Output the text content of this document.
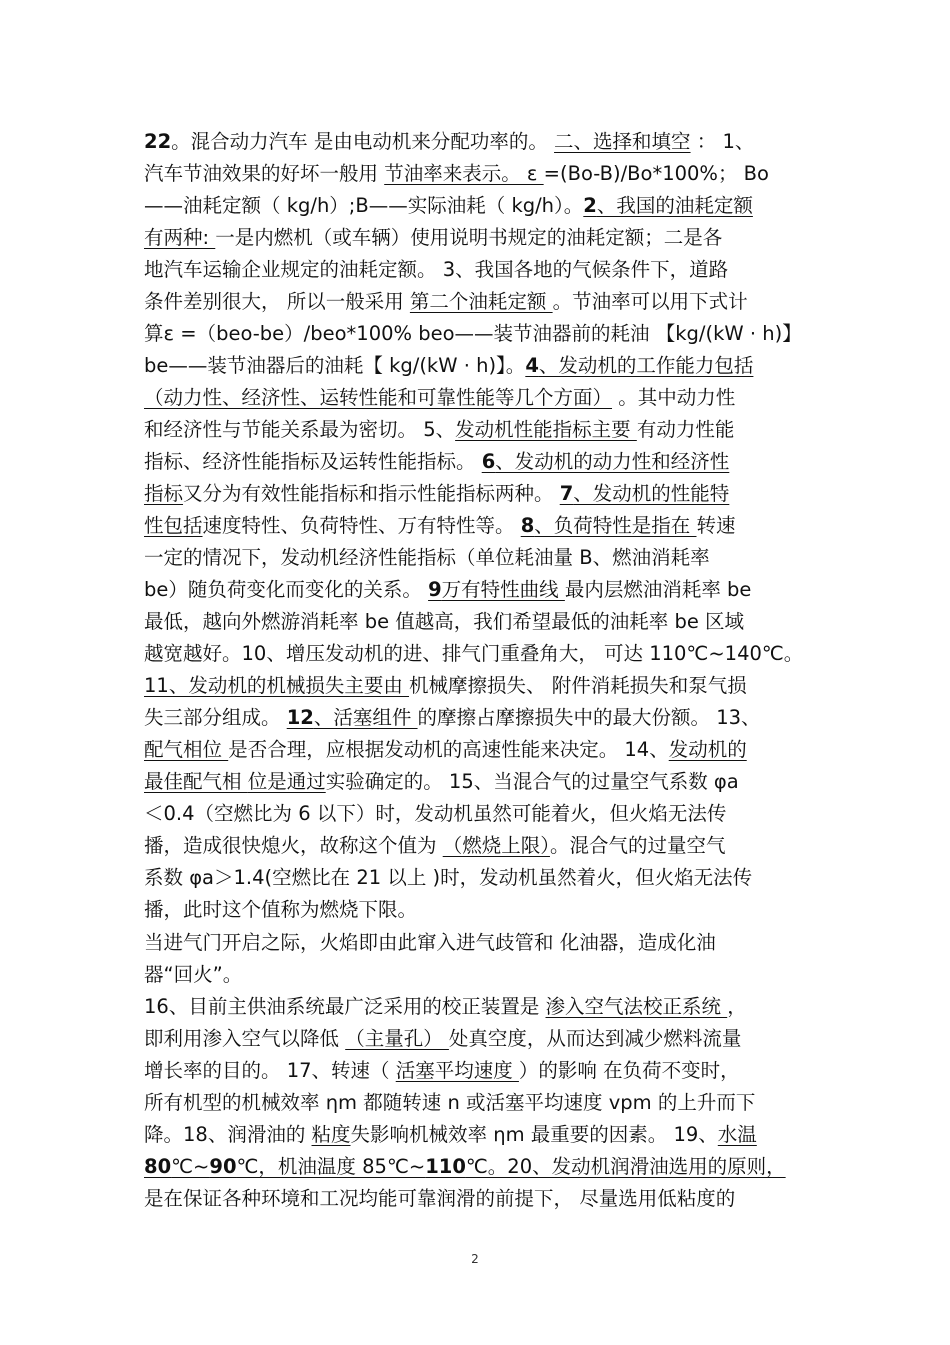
22。混合动力汽车 是由电动机来分配功率的。 二、选择和填空 ： 1、
汽车节油效果的好坏一般用 节油率来表示。 ε =(Bo-B)/Bo*100%； Bo
——油耗定额（ kg/h）;B——实际油耗（ kg/h）。2、我国的油耗定额
有两种: 一是内燃机（或车辆）使用说明书规定的油耗定额；二是各
地汽车运输企业规定的油耗定额。 3、我国各地的气候条件下，道路
条件差别很大， 所以一般采用 第二个油耗定额 。节油率可以用下式计
算ε =（beo-be）/beo*100% beo——装节油器前的耗油 【kg/(kW · h)】
be——装节油器后的油耗【 kg/(kW · h)】。4、发动机的工作能力包括
（动力性、经济性、运转性能和可靠性能等几个方面） 。其中动力性
和经济性与节能关系最为密切。 5、发动机性能指标主要 有动力性能
指标、经济性能指标及运转性能指标。 6、发动机的动力性和经济性
指标又分为有效性能指标和指示性能指标两种。 7、发动机的性能特
性包括速度特性、负荷特性、万有特性等。 8、负荷特性是指在 转速
一定的情况下，发动机经济性能指标（单位耗油量 B、燃油消耗率
be）随负荷变化而变化的关系。 9万有特性曲线 最内层燃油消耗率 be
最低，越向外燃游消耗率 be 值越高，我们希望最低的油耗率 be 区域
越宽越好。10、增压发动机的进、排气门重叠角大， 可达 110℃~140℃。
11、发动机的机械损失主要由 机械摩擦损失、 附件消耗损失和泵气损
失三部分组成。 12、活塞组件 的摩擦占摩擦损失中的最大份额。 13、
配气相位 是否合理，应根据发动机的高速性能来决定。 14、发动机的
最佳配气相 位是通过实验确定的。 15、当混合气的过量空气系数 φa
＜0.4（空燃比为 6 以下）时，发动机虽然可能着火，但火焰无法传
播，造成很快熄火，故称这个值为 （燃烧上限）。混合气的过量空气
系数 φa＞1.4(空燃比在 21 以上 )时，发动机虽然着火，但火焰无法传
播，此时这个值称为燃烧下限。
当进气门开启之际，火焰即由此窜入进气歧管和 化油器，造成化油
器“回火”。
16、目前主供油系统最广泛采用的校正装置是 渗入空气法校正系统 ，
即利用渗入空气以降低 （主量孔） 处真空度，从而达到减少燃料流量
增长率的目的。 17、转速（ 活塞平均速度 ）的影响 在负荷不变时，
所有机型的机械效率 ηm 都随转速 n 或活塞平均速度 vpm 的上升而下
降。18、润滑油的 粘度失影响机械效率 ηm 最重要的因素。 19、水温
80℃~90℃，机油温度 85℃~110℃。20、发动机润滑油选用的原则，
是在保证各种环境和工况均能可靠润滑的前提下， 尽量选用低粘度的
2
